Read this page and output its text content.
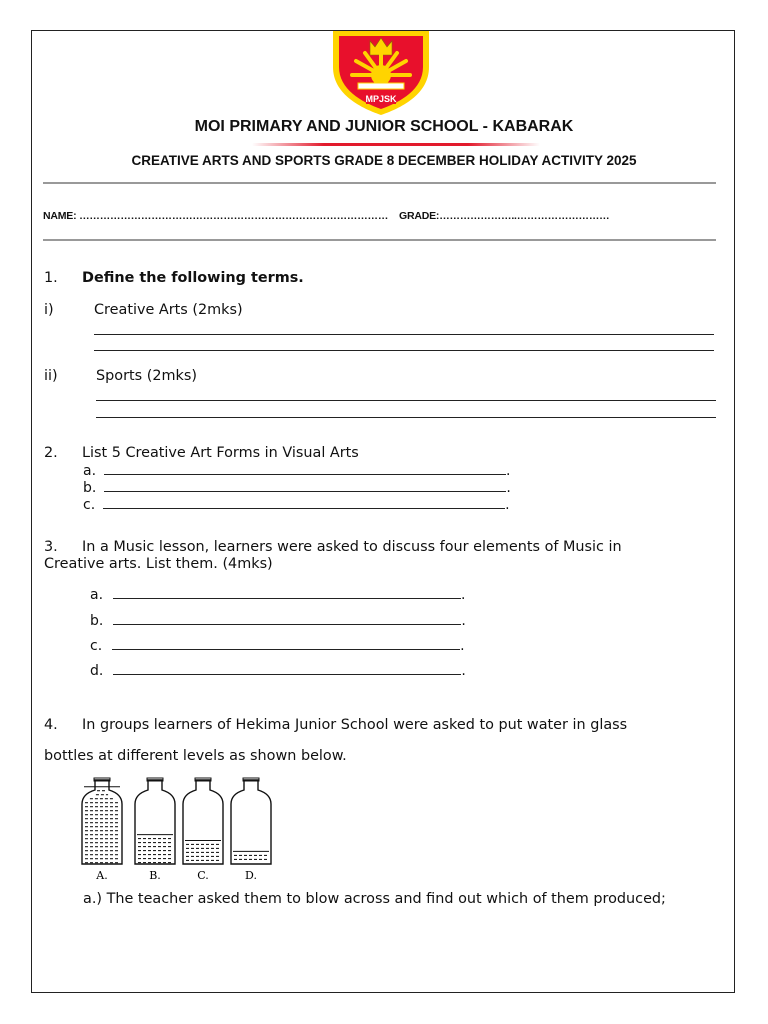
MPJSK
MOI PRIMARY AND JUNIOR SCHOOL - KABARAK
CREATIVE ARTS AND SPORTS GRADE 8 DECEMBER HOLIDAY ACTIVITY 2025
NAME: ……………………………………………………………………………… GRADE:…………………..………………………
1. Define the following terms.
i)	Creative Arts (2mks)
ii)	Sports (2mks)
2. List 5 Creative Art Forms in Visual Arts
a.	.
b.	.
c.	.
3. In a Music lesson, learners were asked to discuss four elements of Music in
Creative arts. List them. (4mks)
a.	.
b.	.
c.	.
d.	.
4. In groups learners of Hekima Junior School were asked to put water in glass
bottles at different levels as shown below.
A.	B.	C.	D.
a.) The teacher asked them to blow across and find out which of them produced;
